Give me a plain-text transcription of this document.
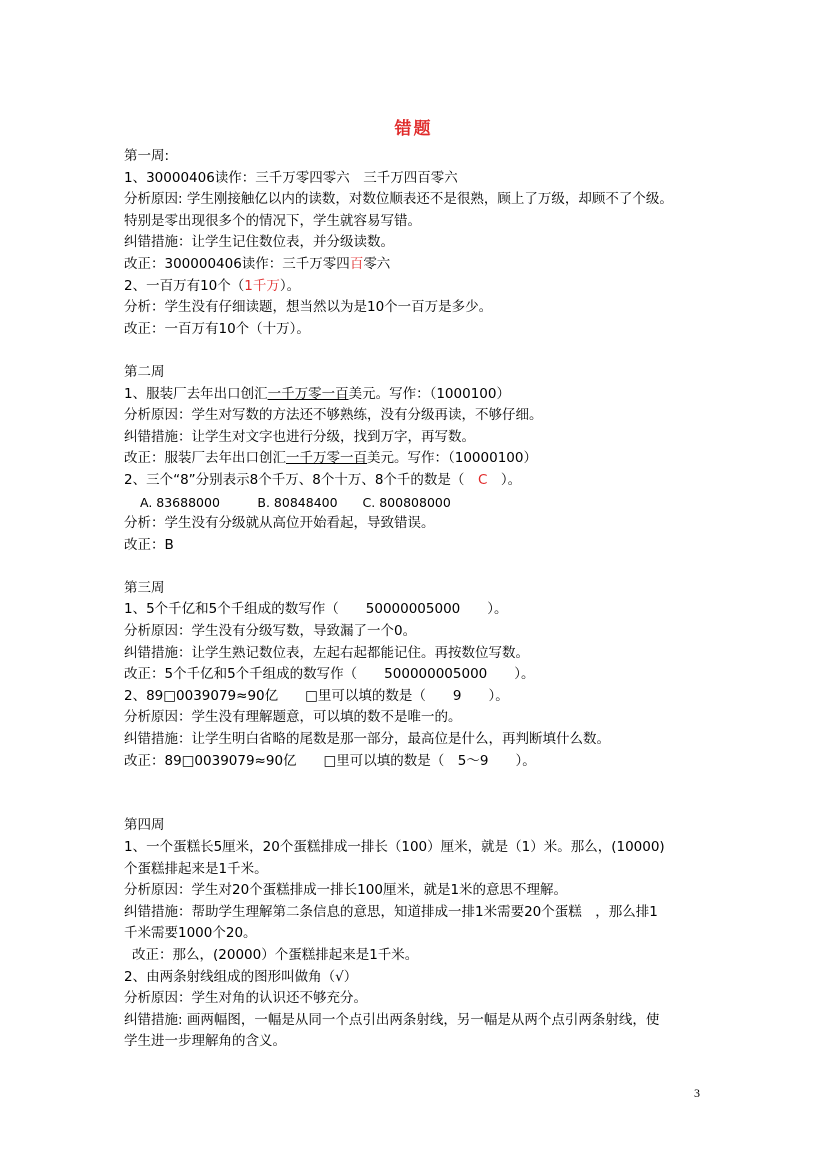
错题
第一周:
1、30000406读作：三千万零四零六　三千万四百零六
分析原因: 学生刚接触亿以内的读数，对数位顺表还不是很熟，顾上了万级，却顾不了个级。
特别是零出现很多个的情况下，学生就容易写错。
纠错措施：让学生记住数位表，并分级读数。
改正：300000406读作：三千万零四百零六
2、一百万有10个（1千万）。
分析：学生没有仔细读题，想当然以为是10个一百万是多少。
改正：一百万有10个（十万）。
第二周
1、服装厂去年出口创汇一千万零一百美元。写作：（1000100）
分析原因：学生对写数的方法还不够熟练，没有分级再读，不够仔细。
纠错措施：让学生对文字也进行分级，找到万字，再写数。
改正：服装厂去年出口创汇一千万零一百美元。写作：（10000100）
2、三个“8”分别表示8个千万、8个十万、8个千的数是（　C　）。
A. 83688000　　　B. 80848400　　C. 800808000
分析：学生没有分级就从高位开始看起，导致错误。
改正：B
第三周
1、5个千亿和5个千组成的数写作（　　50000005000　　）。
分析原因：学生没有分级写数，导致漏了一个0。
纠错措施：让学生熟记数位表，左起右起都能记住。再按数位写数。
改正：5个千亿和5个千组成的数写作（　　500000005000　　）。
2、89□0039079≈90亿　　□里可以填的数是（　　9　　）。
分析原因：学生没有理解题意，可以填的数不是唯一的。
纠错措施：让学生明白省略的尾数是那一部分，最高位是什么，再判断填什么数。
改正：89□0039079≈90亿　　□里可以填的数是（　5～9　　）。
第四周
1、一个蛋糕长5厘米，20个蛋糕排成一排长（100）厘米，就是（1）米。那么，(10000)
个蛋糕排起来是1千米。
分析原因：学生对20个蛋糕排成一排长100厘米，就是1米的意思不理解。
纠错措施：帮助学生理解第二条信息的意思，知道排成一排1米需要20个蛋糕　，那么排1
千米需要1000个20。
改正：那么，(20000）个蛋糕排起来是1千米。
2、由两条射线组成的图形叫做角（√）
分析原因：学生对角的认识还不够充分。
纠错措施: 画两幅图，一幅是从同一个点引出两条射线，另一幅是从两个点引两条射线，使
学生进一步理解角的含义。
3
